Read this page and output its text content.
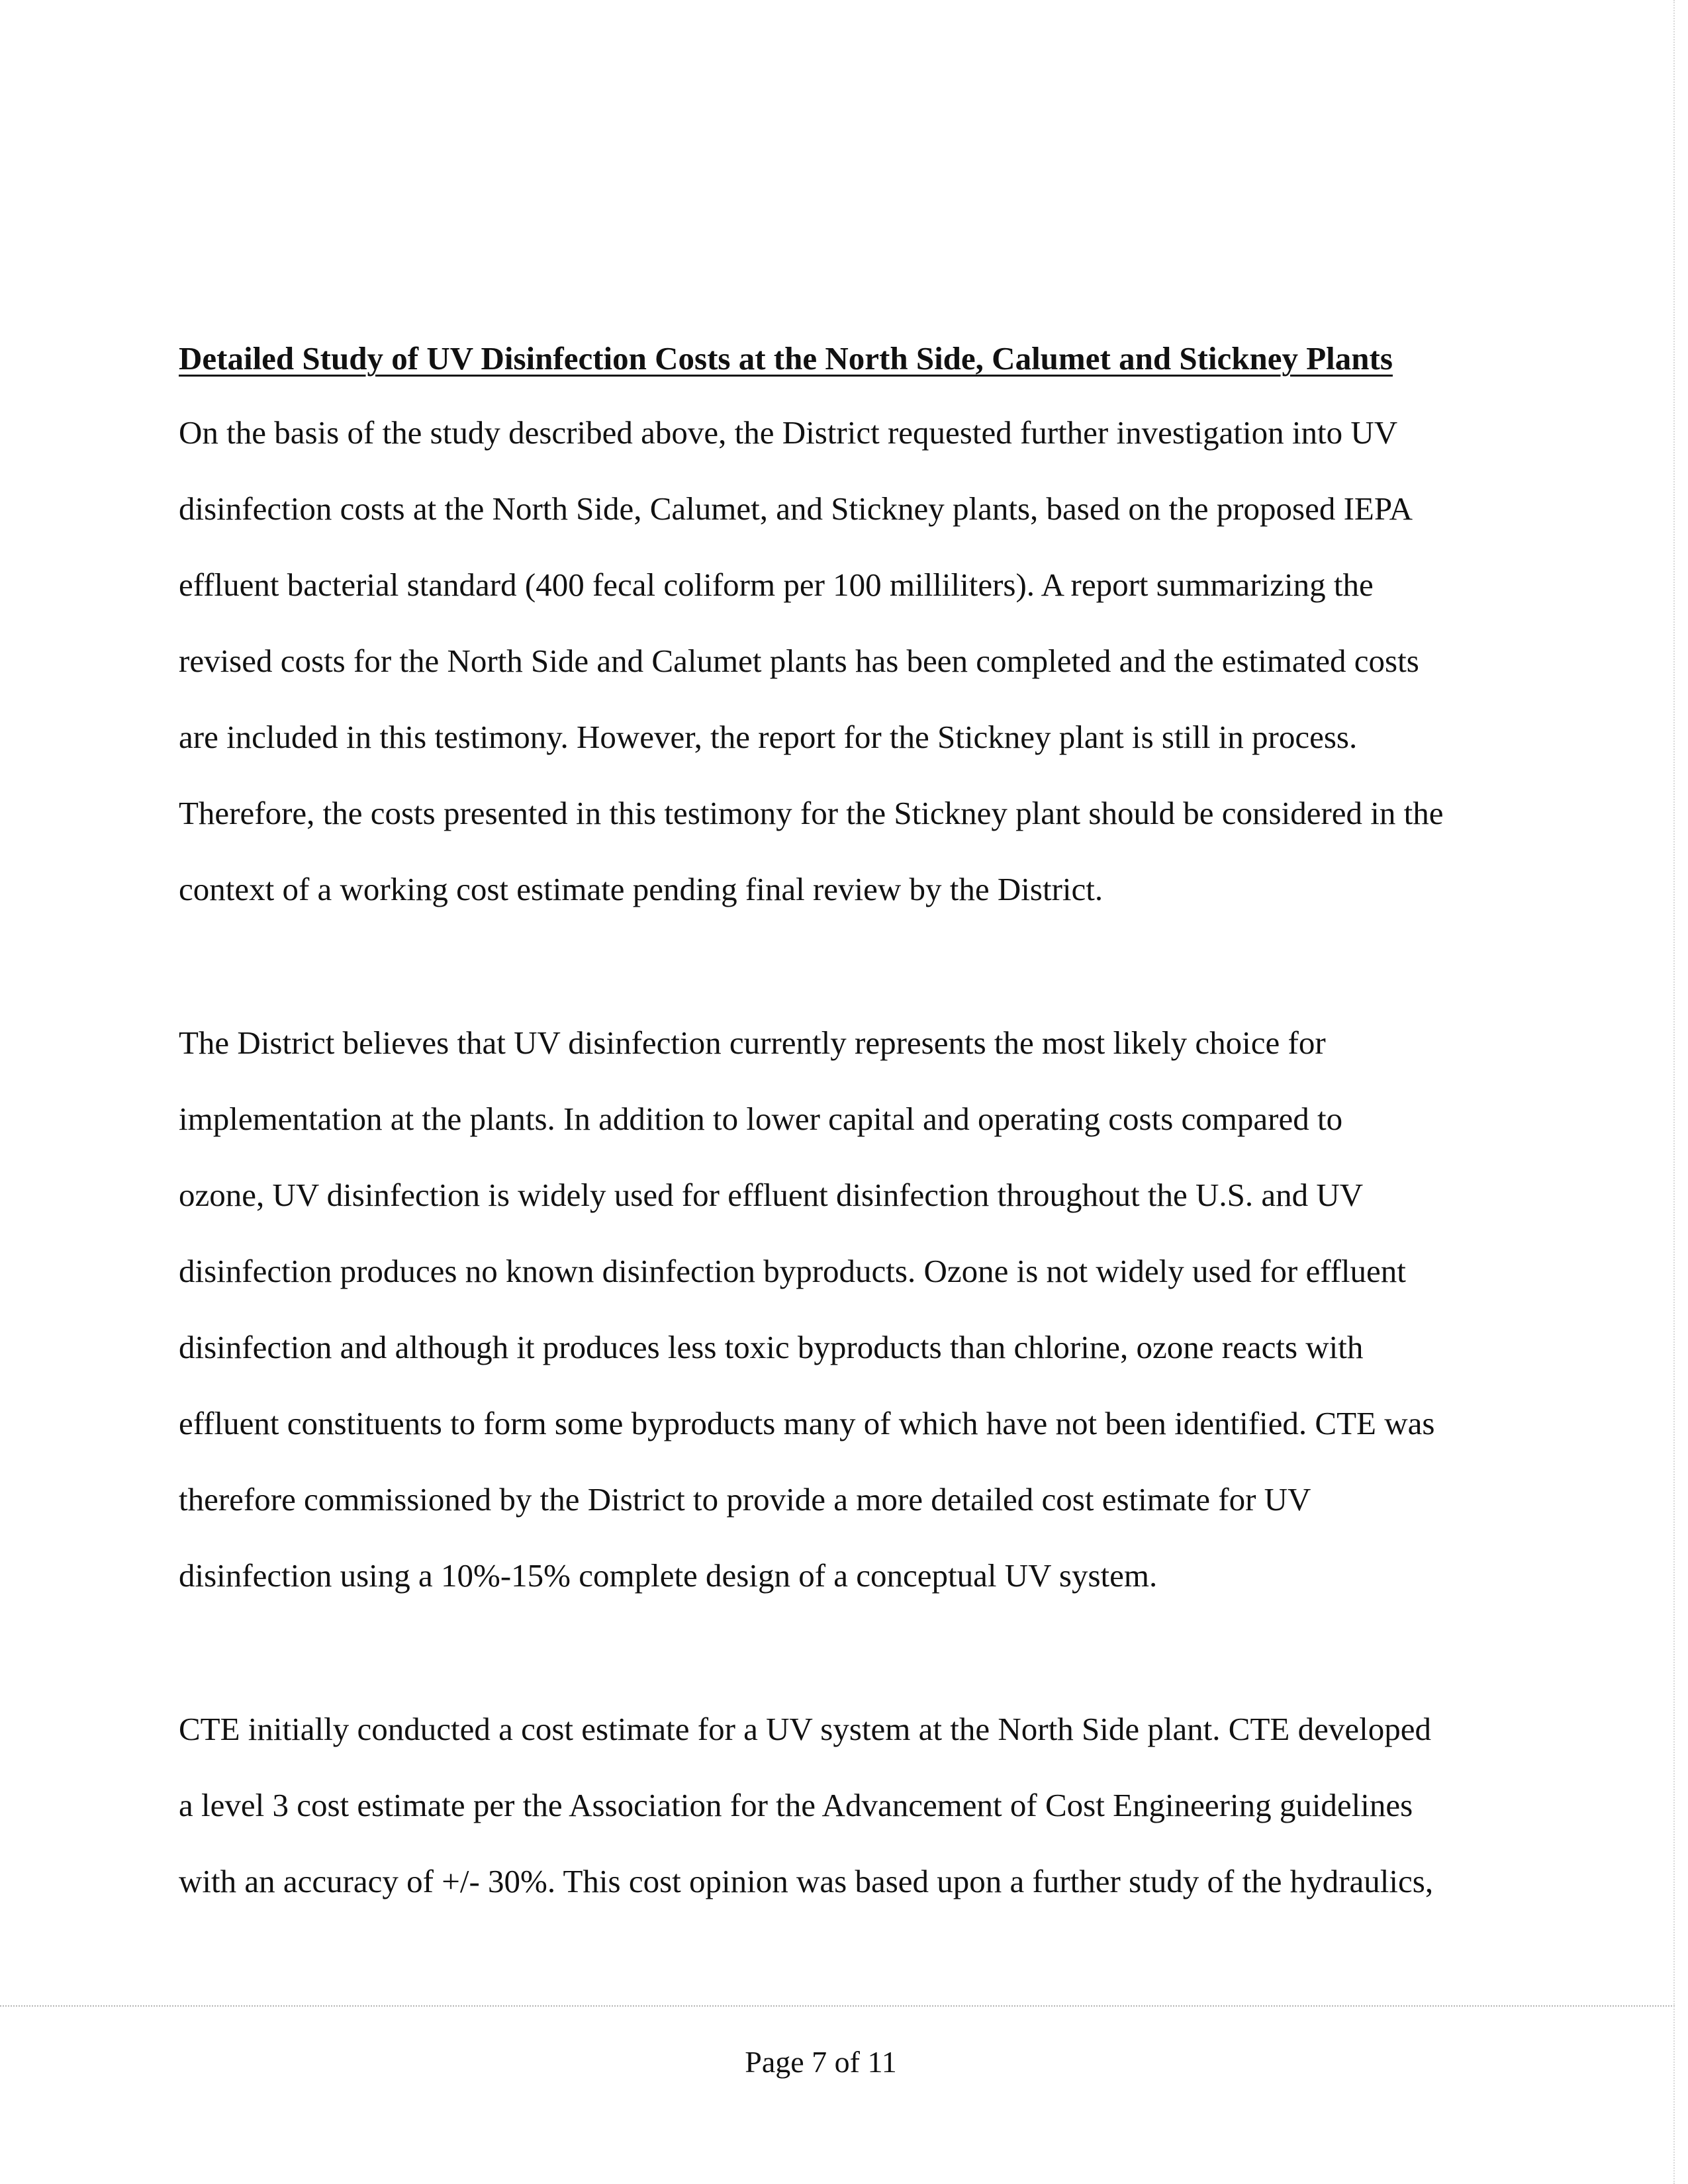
Detailed Study of UV Disinfection Costs at the North Side, Calumet and Stickney Plants
On the basis of the study described above, the District requested further investigation into UV
disinfection costs at the North Side, Calumet, and Stickney plants, based on the proposed IEPA
effluent bacterial standard (400 fecal coliform per 100 milliliters). A report summarizing the
revised costs for the North Side and Calumet plants has been completed and the estimated costs
are included in this testimony. However, the report for the Stickney plant is still in process.
Therefore, the costs presented in this testimony for the Stickney plant should be considered in the
context of a working cost estimate pending final review by the District.
The District believes that UV disinfection currently represents the most likely choice for
implementation at the plants. In addition to lower capital and operating costs compared to
ozone, UV disinfection is widely used for effluent disinfection throughout the U.S. and UV
disinfection produces no known disinfection byproducts. Ozone is not widely used for effluent
disinfection and although it produces less toxic byproducts than chlorine, ozone reacts with
effluent constituents to form some byproducts many of which have not been identified. CTE was
therefore commissioned by the District to provide a more detailed cost estimate for UV
disinfection using a 10%-15% complete design of a conceptual UV system.
CTE initially conducted a cost estimate for a UV system at the North Side plant. CTE developed
a level 3 cost estimate per the Association for the Advancement of Cost Engineering guidelines
with an accuracy of +/- 30%. This cost opinion was based upon a further study of the hydraulics,
Page 7 of 11
